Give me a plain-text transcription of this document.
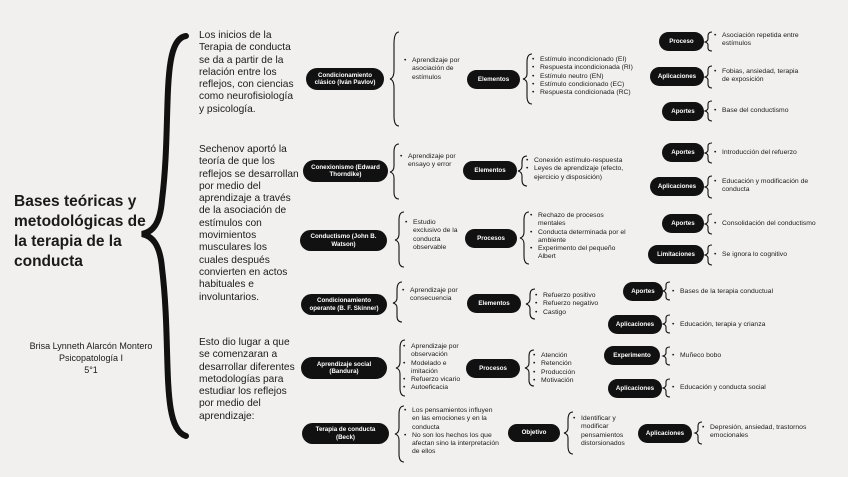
Bases teóricas y metodológicas de la terapia de la conducta
Brisa Lynneth Alarcón Montero
Psicopatología I
5°1
Los inicios de la Terapia de conducta se da a partir de la relación entre los reflejos, con ciencias como neurofisiología y psicología.
Sechenov aportó la teoría de que los reflejos se desarrollan por medio del aprendizaje a través de la asociación de estímulos con movimientos musculares los cuales después convierten en actos habituales e involuntarios.
Esto dio lugar a que se comenzaran a desarrollar diferentes metodologías para estudiar los reflejos por medio del aprendizaje:
Condicionamiento clásico (Iván Pavlov)
• Aprendizaje por asociación de estímulos	Elementos
• Estímulo incondicionado (EI)
• Respuesta incondicionada (RI)
• Estímulo neutro (EN)
• Estímulo condicionado (EC)
• Respuesta condicionada (RC)
Proceso
• Asociación repetida entre estímulos
Aplicaciones
• Fobias, ansiedad, terapia de exposición
Aportes	• Base del conductismo
Conexionismo (Edward Thorndike)
• Aprendizaje por ensayo y error
Elementos
• Conexión estímulo-respuesta
• Leyes de aprendizaje (efecto, ejercicio y disposición)
Aportes	• Introducción del refuerzo
Aplicaciones
• Educación y modificación de conducta
Conductismo (John B. Watson)
• Estudio exclusivo de la conducta observable
Procesos
• Rechazo de procesos mentales
• Conducta determinada por el ambiente
• Experimento del pequeño Albert
Aportes	• Consolidación del conductismo
Limitaciones	• Se ignora lo cognitivo
Condicionamiento operante (B. F. Skinner)
• Aprendizaje por consecuencia
Elementos
• Refuerzo positivo
• Refuerzo negativo
• Castigo
Aportes	• Bases de la terapia conductual
Aplicaciones	• Educación, terapia y crianza
Aprendizaje social (Bandura)
• Aprendizaje por observación
• Modelado e imitación
• Refuerzo vicario
• Autoeficacia
Procesos
• Atención
• Retención
• Producción
• Motivación
Experimento	• Muñeco bobo
Aplicaciones	• Educación y conducta social
Terapia de conducta (Beck)
• Los pensamientos influyen en las emociones y en la conducta
• No son los hechos los que afectan sino la interpretación de ellos
Objetivo
• Identificar y modificar pensamientos distorsionados
Aplicaciones
• Depresión, ansiedad, trastornos emocionales
